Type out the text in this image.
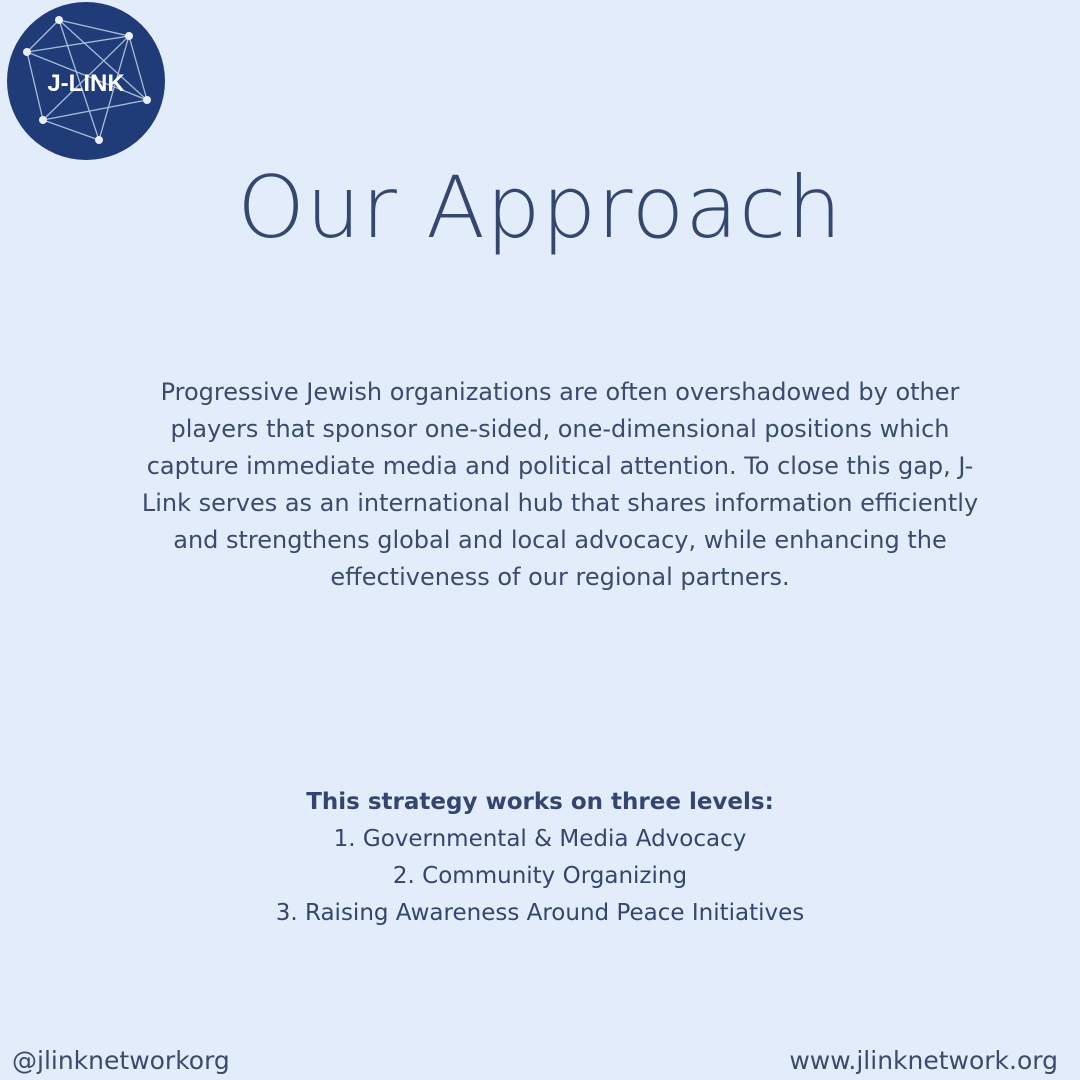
J-LINK
Our Approach
Progressive Jewish organizations are often overshadowed by other players that sponsor one-sided, one-dimensional positions which capture immediate media and political attention. To close this gap, J-Link serves as an international hub that shares information efficiently and strengthens global and local advocacy, while enhancing the effectiveness of our regional partners.
This strategy works on three levels:
1. Governmental & Media Advocacy
2. Community Organizing
3. Raising Awareness Around Peace Initiatives
@jlinknetworkorg	www.jlinknetwork.org
